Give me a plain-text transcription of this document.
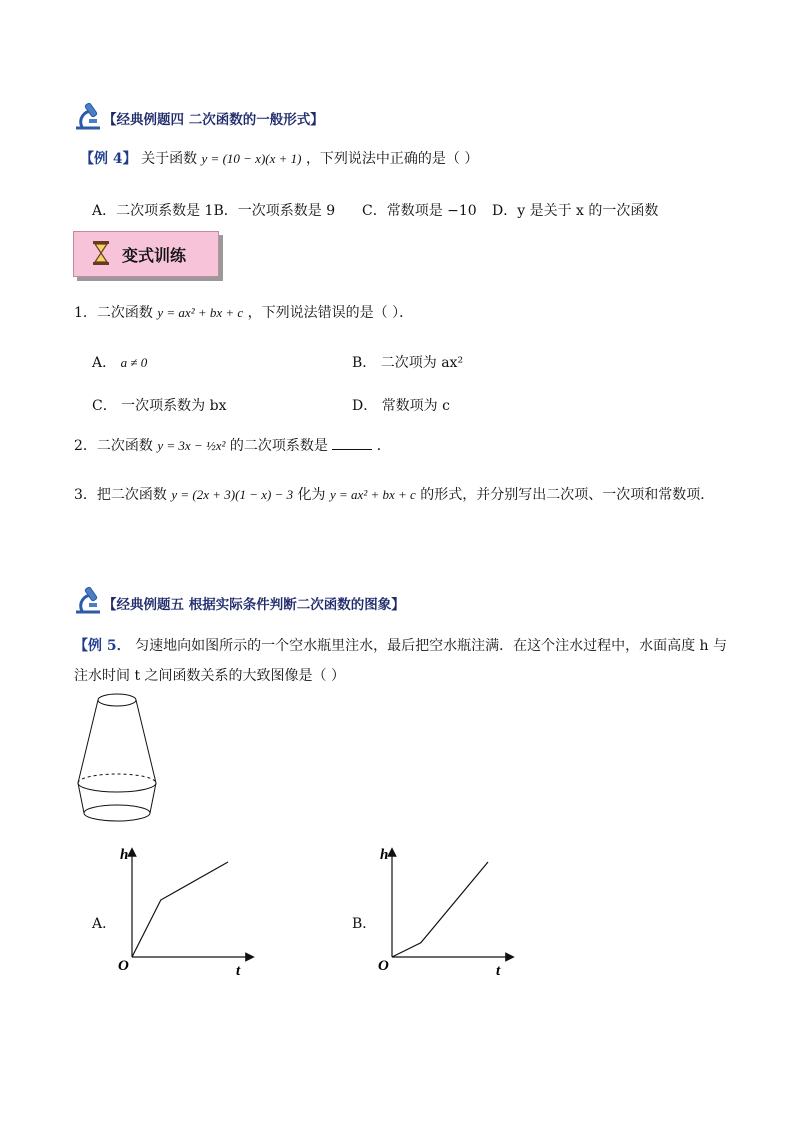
【经典例题四 二次函数的一般形式】
【例 4】 关于函数 y = (10 − x)(x + 1) ，下列说法中正确的是（ ）
A．二次项系数是 1B．一次项系数是 9 C．常数项是 −10 D．y 是关于 x 的一次函数
变式训练
1．二次函数 y = ax² + bx + c ，下列说法错误的是（ ）．
A． a ≠ 0	B． 二次项为 ax²
C． 一次项系数为 bx	D． 常数项为 c
2．二次函数 y = 3x − ½x² 的二次项系数是	．
3．把二次函数 y = (2x + 3)(1 − x) − 3 化为 y = ax² + bx + c 的形式，并分别写出二次项、一次项和常数项．
【经典例题五 根据实际条件判断二次函数的图象】
【例 5． 匀速地向如图所示的一个空水瓶里注水，最后把空水瓶注满．在这个注水过程中，水面高度 h 与
注水时间 t 之间函数关系的大致图像是（ ）
A．
h
t
O
B．
h
t
O
